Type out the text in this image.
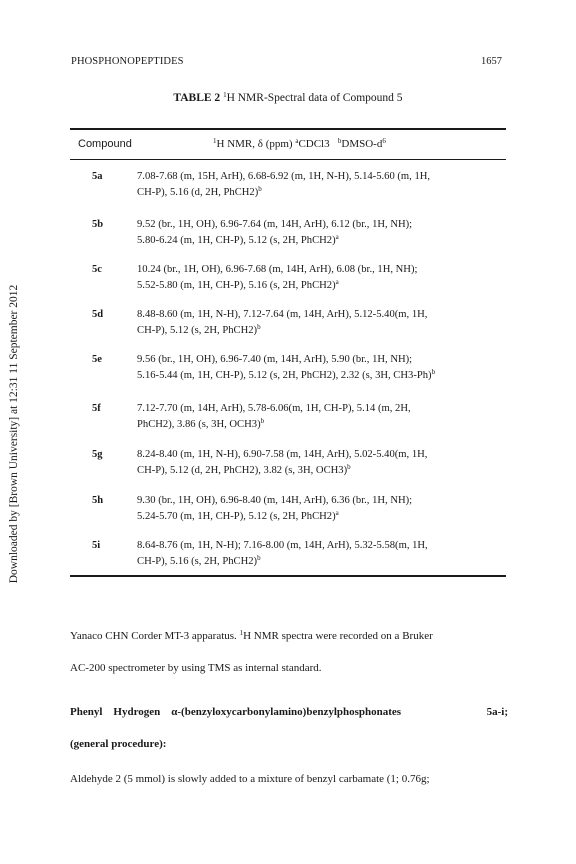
Downloaded by [Brown University] at 12:31 11 September 2012
PHOSPHONOPEPTIDES	1657
TABLE 2 $^1$H NMR-Spectral data of Compound 5
Compound	$^1$H NMR, δ (ppm) $^a$CDCl3 $^bDMSO-d^6$
5a	7.08-7.68 (m, 15H, ArH), 6.68-6.92 (m, 1H, N-H), 5.14-5.60 (m, 1H,
CH-P), 5.16 (d, 2H, PhCH2)$^b$
5b	9.52 (br., 1H, OH), 6.96-7.64 (m, 14H, ArH), 6.12 (br., 1H, NH);
5.80-6.24 (m, 1H, CH-P), 5.12 (s, 2H, PhCH2)$^a$
5c	10.24 (br., 1H, OH), 6.96-7.68 (m, 14H, ArH), 6.08 (br., 1H, NH);
5.52-5.80 (m, 1H, CH-P), 5.16 (s, 2H, PhCH2)$^a$
5d	8.48-8.60 (m, 1H, N-H), 7.12-7.64 (m, 14H, ArH), 5.12-5.40(m, 1H,
CH-P), 5.12 (s, 2H, PhCH2)$^b$
5e	9.56 (br., 1H, OH), 6.96-7.40 (m, 14H, ArH), 5.90 (br., 1H, NH);
5.16-5.44 (m, 1H, CH-P), 5.12 (s, 2H, PhCH2), 2.32 (s, 3H, CH3-Ph)$^b$
5f	7.12-7.70 (m, 14H, ArH), 5.78-6.06(m, 1H, CH-P), 5.14 (m, 2H,
PhCH2), 3.86 (s, 3H, OCH3)$^b$
5g	8.24-8.40 (m, 1H, N-H), 6.90-7.58 (m, 14H, ArH), 5.02-5.40(m, 1H,
CH-P), 5.12 (d, 2H, PhCH2), 3.82 (s, 3H, OCH3)$^b$
5h	9.30 (br., 1H, OH), 6.96-8.40 (m, 14H, ArH), 6.36 (br., 1H, NH);
5.24-5.70 (m, 1H, CH-P), 5.12 (s, 2H, PhCH2)$^a$
5i	8.64-8.76 (m, 1H, N-H); 7.16-8.00 (m, 14H, ArH), 5.32-5.58(m, 1H,
CH-P), 5.16 (s, 2H, PhCH2)$^b$
Yanaco CHN Corder MT-3 apparatus. $^1$H NMR spectra were recorded on a Bruker
AC-200 spectrometer by using TMS as internal standard.
Phenyl    Hydrogen    α-(benzyloxycarbonylamino)benzylphosphonates	5a-i;
(general procedure):
Aldehyde 2 (5 mmol) is slowly added to a mixture of benzyl carbamate (1; 0.76g;
